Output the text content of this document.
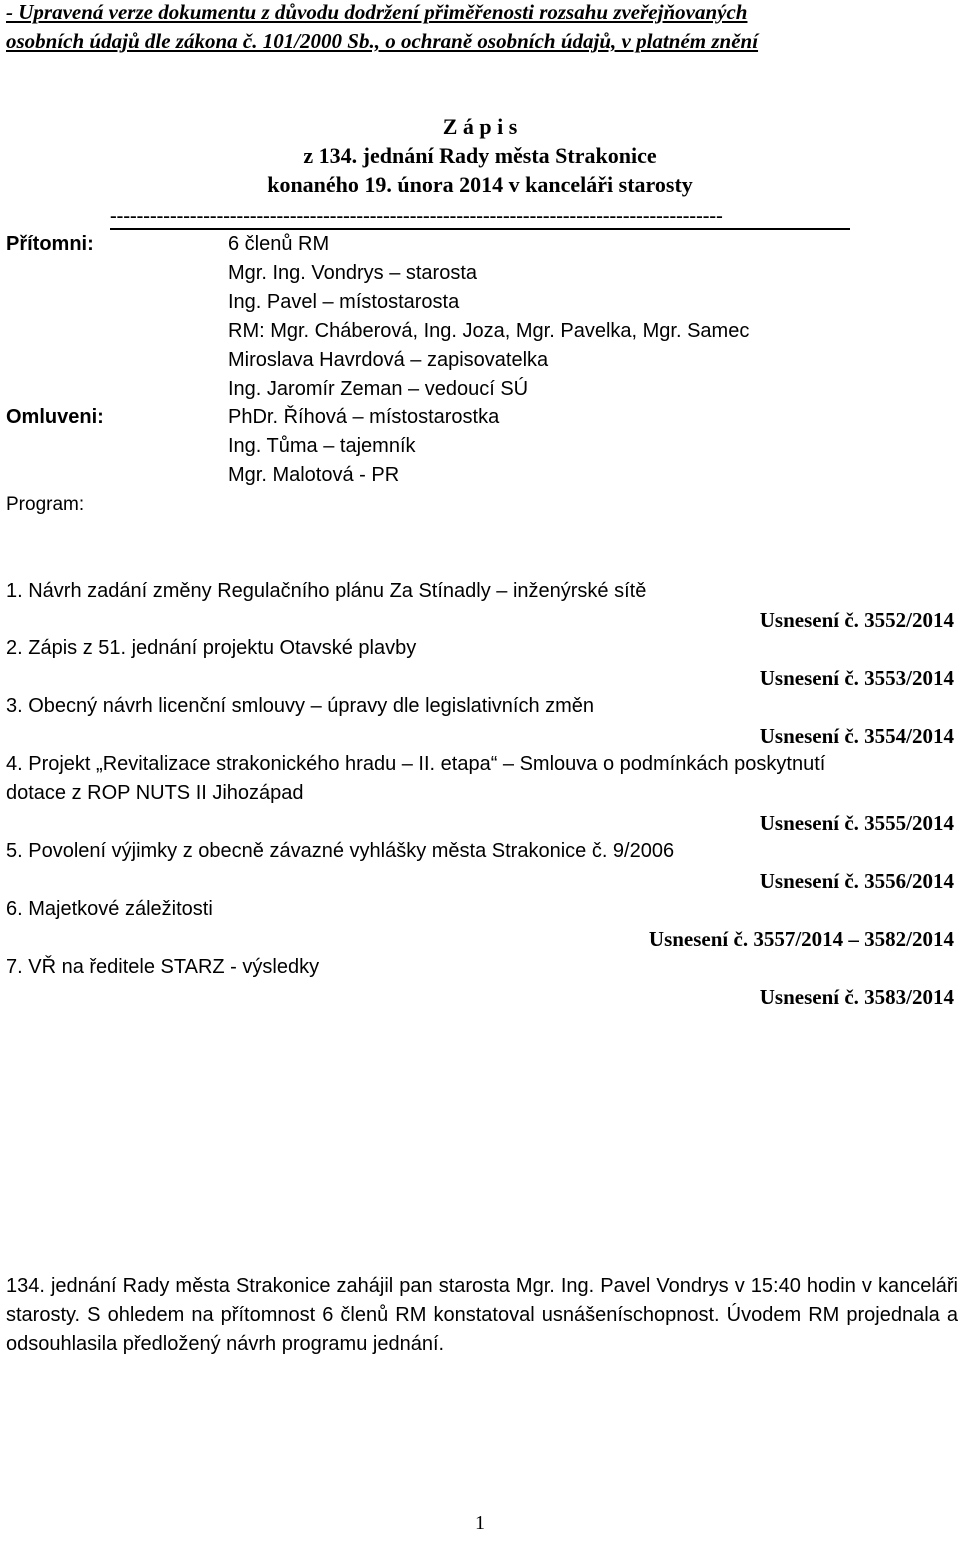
- Upravená verze dokumentu z důvodu dodržení přiměřenosti rozsahu zveřejňovaných
osobních údajů dle zákona č. 101/2000 Sb., o ochraně osobních údajů, v platném znění
Z á p i s
z 134. jednání Rady města Strakonice
konaného 19. února 2014 v kanceláři starosty
--------------------------------------------------------------------------------------------
Přítomni:	6 členů RM
Mgr. Ing. Vondrys – starosta
Ing. Pavel – místostarosta
RM: Mgr. Cháberová, Ing. Joza, Mgr. Pavelka, Mgr. Samec
Miroslava Havrdová – zapisovatelka
Ing. Jaromír Zeman – vedoucí SÚ
Omluveni:	PhDr. Říhová – místostarostka
Ing. Tůma – tajemník
Mgr. Malotová - PR
Program:
1. Návrh zadání změny Regulačního plánu Za Stínadly – inženýrské sítě
Usnesení č. 3552/2014
2. Zápis z 51. jednání projektu Otavské plavby
Usnesení č. 3553/2014
3. Obecný návrh licenční smlouvy – úpravy dle legislativních změn
Usnesení č. 3554/2014
4. Projekt „Revitalizace strakonického hradu – II. etapa“ – Smlouva o podmínkách poskytnutí
dotace z ROP NUTS II Jihozápad
Usnesení č. 3555/2014
5. Povolení výjimky z obecně závazné vyhlášky města Strakonice č. 9/2006
Usnesení č. 3556/2014
6. Majetkové záležitosti
Usnesení č. 3557/2014 – 3582/2014
7. VŘ na ředitele STARZ - výsledky
Usnesení č. 3583/2014
134. jednání Rady města Strakonice zahájil pan starosta Mgr. Ing. Pavel Vondrys v 15:40 hodin v kanceláři starosty. S ohledem na přítomnost 6 členů RM konstatoval usnášeníschopnost. Úvodem RM projednala a odsouhlasila předložený návrh programu jednání.
1
